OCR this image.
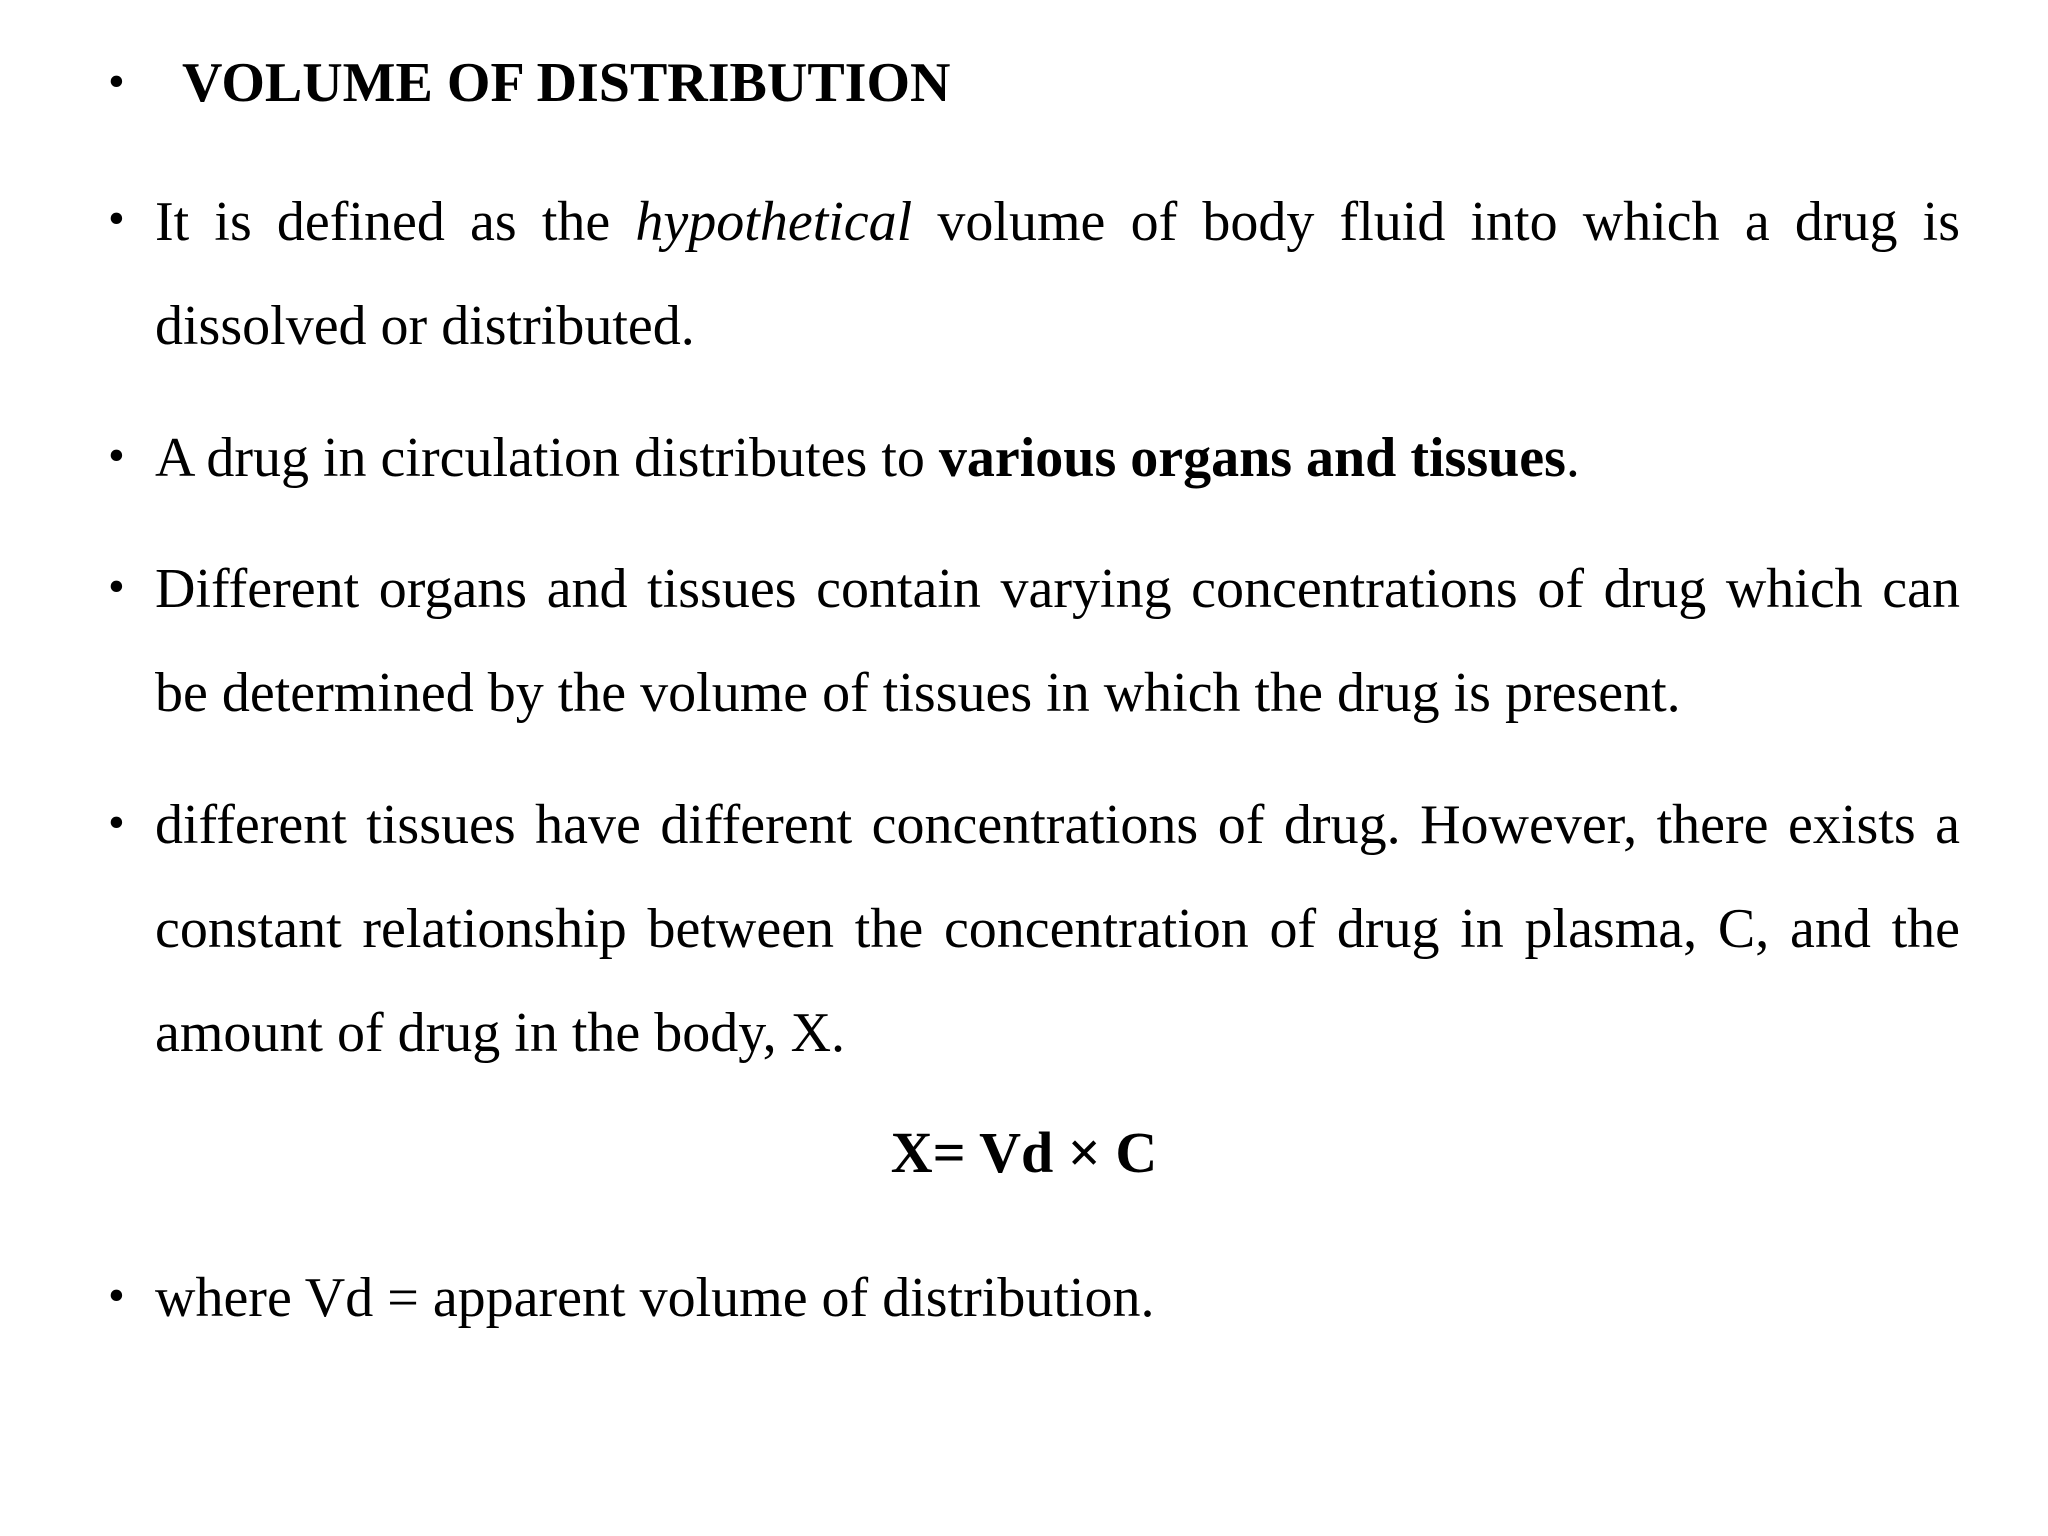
• VOLUME OF DISTRIBUTION
• It is defined as the hypothetical volume of body fluid into which a drug is
dissolved or distributed.
• A drug in circulation distributes to various organs and tissues.
• Different organs and tissues contain varying concentrations of drug which can
be determined by the volume of tissues in which the drug is present.
• different tissues have different concentrations of drug. However, there exists a
constant relationship between the concentration of drug in plasma, C, and the
amount of drug in the body, X.
X= Vd × C
• where Vd = apparent volume of distribution.
